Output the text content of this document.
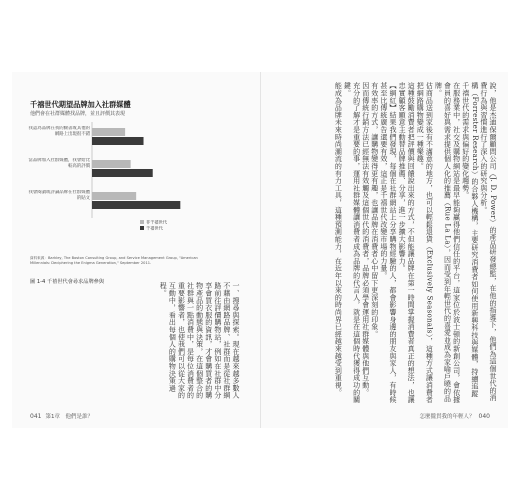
千禧世代期望品牌加入社群媒體
他們會在社群媒體找品牌，並且評價其表現
我認為品牌在我的臉書或其他的網路上出現很不錯
當品牌加入社群媒體，我會給比較高的評價
我會閱讀或評論品牌在社群媒體的貼文
非千禧世代
千禧世代
資料來源：Barkley, The Boston Consulting Group, and Service Management Group, "American Millennials: Deciphering the Enigma Generation," September 2011.
圖 1-4 千禧世代會尋求品牌參與	一、搜尋與探索。現在越來越多數人不藉由網路品牌、社群而是從社群網路前往評價購物站，例如在社群中分享會買衣服的資訊，才會購買者的購物產品的動態與決策，在這個整合的社群與一點消費中，是每位消費者的重要影響者，也使我們可以從大家的互動中，看出每個人的購物決策過程。

041 第1章　他們是誰？

說，他是杰迪保爾顧問公司（J. D. Power）的產品研發總監，在他的指導下，他們為這個世代的消費行為與習慣進行了深入的研究與分析。

構（Forrester Research）的合夥人機構，主要研究消費者如何使用新興科技與媒體，持續追蹤千禧世代的需求與偏好的變化趨勢。

在服務業中，社交及購物網站是最早能夠贏得他們信任的平台，這家位於波士頓的新創公司，會依據會員的喜好與需求提供個人化的推薦（Rue La La），因而受到年輕世代的喜愛並成為家喻戶曉的品牌。

估商品送到家後有不滿意的地方，也可以輕鬆退貨（Exclusively Seasonals），這種方式讓消費者把網路購物變成一種樂趣。

這種鼓勵消費者把評價與回饋說出來的方式，不但能讓品牌在第一時間掌握消費者真正的想法，也讓忠實顧客願意主動替品牌推薦、分享，進一步擴大影響力。

【網紅】結果我們發現，每個在社群網站上分享購物經驗的人，都會影響身邊的朋友與家人，有時候甚至比傳統廣告還要有效，這正是千禧世代改變市場的力量。

有效率的方式，讓購物變得更有趣，也讓品牌在消費者心中留下更深刻的印象。

因而傳統行銷方法已經無法有效觸及這個世代的消費者，品牌必須學會運用社群媒體與他們互動。

充分的了解才是重要的事，運用社群媒體讓消費者成為品牌的代言人，就是在這個時代獲得成功的關鍵。

能成為品牌未來時尚潮流的有力工具，這種預測能力，在近年以來的時尚界已經越來越受到重視。

怎麼攏貫我的年輕人？ 040
